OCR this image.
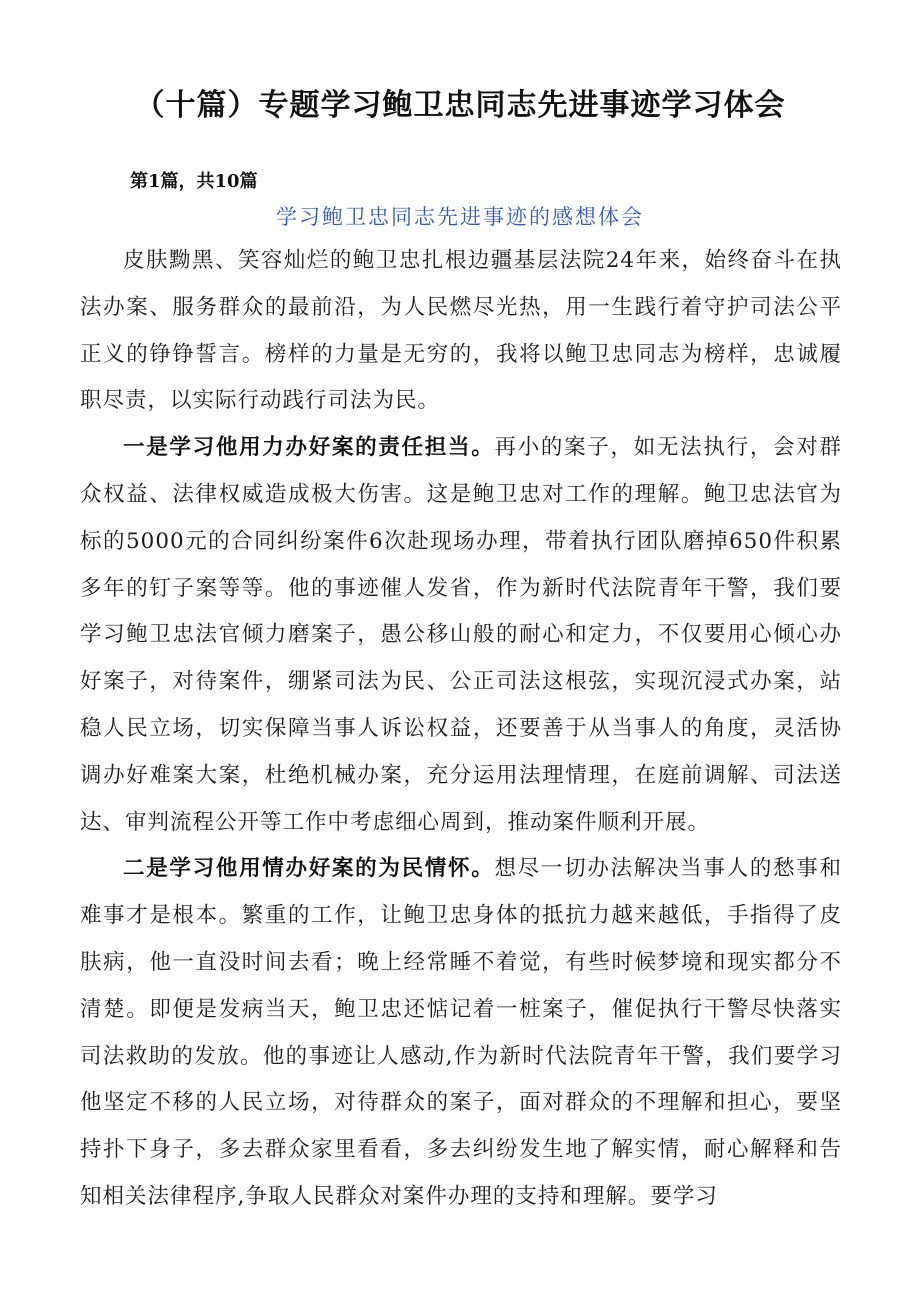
（十篇）专题学习鲍卫忠同志先进事迹学习体会
第1篇，共10篇
学习鲍卫忠同志先进事迹的感想体会

皮肤黝黑、笑容灿烂的鲍卫忠扎根边疆基层法院24年来，始终奋斗在执法办案、服务群众的最前沿，为人民燃尽光热，用一生践行着守护司法公平正义的铮铮誓言。榜样的力量是无穷的，我将以鲍卫忠同志为榜样，忠诚履职尽责，以实际行动践行司法为民。

一是学习他用力办好案的责任担当。再小的案子，如无法执行，会对群众权益、法律权威造成极大伤害。这是鲍卫忠对工作的理解。鲍卫忠法官为标的5000元的合同纠纷案件6次赴现场办理，带着执行团队磨掉650件积累多年的钉子案等等。他的事迹催人发省，作为新时代法院青年干警，我们要学习鲍卫忠法官倾力磨案子，愚公移山般的耐心和定力，不仅要用心倾心办好案子，对待案件，绷紧司法为民、公正司法这根弦，实现沉浸式办案，站稳人民立场，切实保障当事人诉讼权益，还要善于从当事人的角度，灵活协调办好难案大案，杜绝机械办案，充分运用法理情理，在庭前调解、司法送达、审判流程公开等工作中考虑细心周到，推动案件顺利开展。

二是学习他用情办好案的为民情怀。想尽一切办法解决当事人的愁事和难事才是根本。繁重的工作，让鲍卫忠身体的抵抗力越来越低，手指得了皮肤病，他一直没时间去看；晚上经常睡不着觉，有些时候梦境和现实都分不清楚。即便是发病当天，鲍卫忠还惦记着一桩案子，催促执行干警尽快落实司法救助的发放。他的事迹让人感动,作为新时代法院青年干警，我们要学习他坚定不移的人民立场，对待群众的案子，面对群众的不理解和担心，要坚持扑下身子，多去群众家里看看，多去纠纷发生地了解实情，耐心解释和告知相关法律程序,争取人民群众对案件办理的支持和理解。要学习
